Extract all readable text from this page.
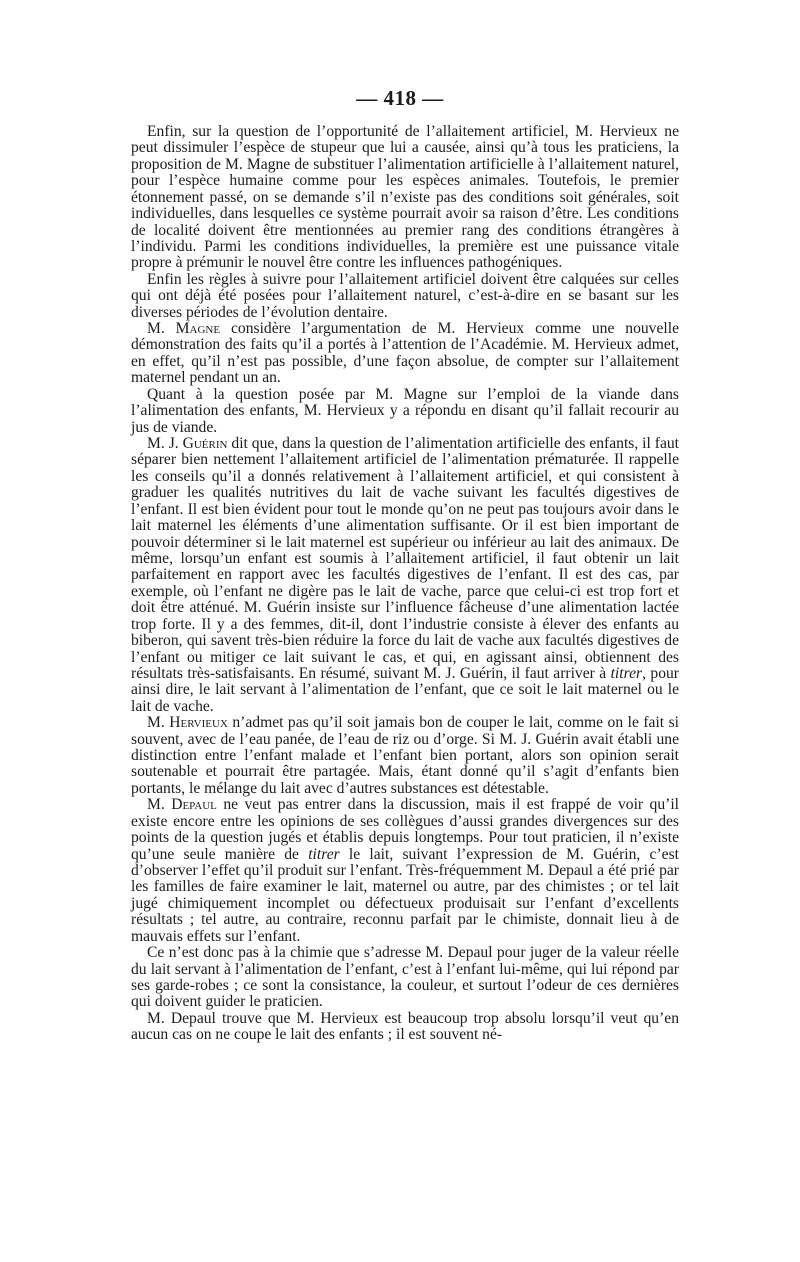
— 418 —

Enfin, sur la question de l’opportunité de l’allaitement artificiel, M. Hervieux ne peut dissimuler l’espèce de stupeur que lui a causée, ainsi qu’à tous les praticiens, la proposition de M. Magne de substituer l’alimentation artificielle à l’allaitement naturel, pour l’espèce humaine comme pour les espèces animales. Toutefois, le premier étonnement passé, on se demande s’il n’existe pas des conditions soit générales, soit individuelles, dans lesquelles ce système pourrait avoir sa raison d’être. Les conditions de localité doivent être mentionnées au premier rang des conditions étrangères à l’individu. Parmi les conditions individuelles, la première est une puissance vitale propre à prémunir le nouvel être contre les influences pathogéniques.

Enfin les règles à suivre pour l’allaitement artificiel doivent être calquées sur celles qui ont déjà été posées pour l’allaitement naturel, c’est-à-dire en se basant sur les diverses périodes de l’évolution dentaire.

M. Magne considère l’argumentation de M. Hervieux comme une nouvelle démonstration des faits qu’il a portés à l’attention de l’Académie. M. Hervieux admet, en effet, qu’il n’est pas possible, d’une façon absolue, de compter sur l’allaitement maternel pendant un an.

Quant à la question posée par M. Magne sur l’emploi de la viande dans l’alimentation des enfants, M. Hervieux y a répondu en disant qu’il fallait recourir au jus de viande.

M. J. Guérin dit que, dans la question de l’alimentation artificielle des enfants, il faut séparer bien nettement l’allaitement artificiel de l’alimentation prématurée. Il rappelle les conseils qu’il a donnés relativement à l’allaitement artificiel, et qui consistent à graduer les qualités nutritives du lait de vache suivant les facultés digestives de l’enfant. Il est bien évident pour tout le monde qu’on ne peut pas toujours avoir dans le lait maternel les éléments d’une alimentation suffisante. Or il est bien important de pouvoir déterminer si le lait maternel est supérieur ou inférieur au lait des animaux. De même, lorsqu’un enfant est soumis à l’allaitement artificiel, il faut obtenir un lait parfaitement en rapport avec les facultés digestives de l’enfant. Il est des cas, par exemple, où l’enfant ne digère pas le lait de vache, parce que celui-ci est trop fort et doit être atténué. M. Guérin insiste sur l’influence fâcheuse d’une alimentation lactée trop forte. Il y a des femmes, dit-il, dont l’industrie consiste à élever des enfants au biberon, qui savent très-bien réduire la force du lait de vache aux facultés digestives de l’enfant ou mitiger ce lait suivant le cas, et qui, en agissant ainsi, obtiennent des résultats très-satisfaisants. En résumé, suivant M. J. Guérin, il faut arriver à titrer, pour ainsi dire, le lait servant à l’alimentation de l’enfant, que ce soit le lait maternel ou le lait de vache.

M. Hervieux n’admet pas qu’il soit jamais bon de couper le lait, comme on le fait si souvent, avec de l’eau panée, de l’eau de riz ou d’orge. Si M. J. Guérin avait établi une distinction entre l’enfant malade et l’enfant bien portant, alors son opinion serait soutenable et pourrait être partagée. Mais, étant donné qu’il s’agit d’enfants bien portants, le mélange du lait avec d’autres substances est détestable.

M. Depaul ne veut pas entrer dans la discussion, mais il est frappé de voir qu’il existe encore entre les opinions de ses collègues d’aussi grandes divergences sur des points de la question jugés et établis depuis longtemps. Pour tout praticien, il n’existe qu’une seule manière de titrer le lait, suivant l’expression de M. Guérin, c’est d’observer l’effet qu’il produit sur l’enfant. Très-fréquemment M. Depaul a été prié par les familles de faire examiner le lait, maternel ou autre, par des chimistes ; or tel lait jugé chimiquement incomplet ou défectueux produisait sur l’enfant d’excellents résultats ; tel autre, au contraire, reconnu parfait par le chimiste, donnait lieu à de mauvais effets sur l’enfant.

Ce n’est donc pas à la chimie que s’adresse M. Depaul pour juger de la valeur réelle du lait servant à l’alimentation de l’enfant, c’est à l’enfant lui-même, qui lui répond par ses garde-robes ; ce sont la consistance, la couleur, et surtout l’odeur de ces dernières qui doivent guider le praticien.

M. Depaul trouve que M. Hervieux est beaucoup trop absolu lorsqu’il veut qu’en aucun cas on ne coupe le lait des enfants ; il est souvent né-
